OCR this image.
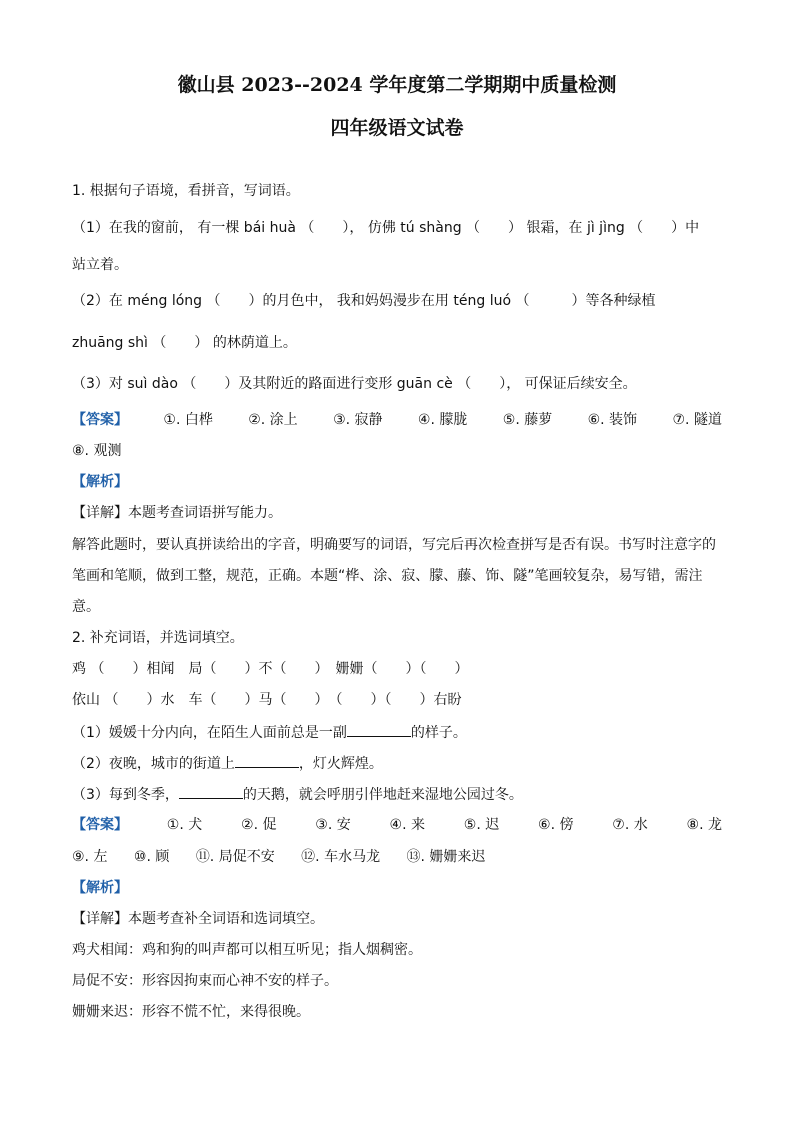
徽山县 2023--2024 学年度第二学期期中质量检测
四年级语文试卷
1. 根据句子语境，看拼音，写词语。
（1）在我的窗前， 有一棵 bái huà （　　）， 仿佛 tú shàng （　　） 银霜，在 jì jìng （　　）中
站立着。
（2）在 méng lóng （　　）的月色中， 我和妈妈漫步在用 téng luó （　　　）等各种绿植
zhuāng shì （　　） 的林荫道上。
（3）对 suì dào （　　）及其附近的路面进行变形 guān cè （　　）， 可保证后续安全。
【答案】	①. 白桦	②. 涂上	③. 寂静	④. 朦胧	⑤. 藤萝	⑥. 装饰	⑦. 隧道
⑧. 观测
【解析】
【详解】本题考查词语拼写能力。
解答此题时，要认真拼读给出的字音，明确要写的词语，写完后再次检查拼写是否有误。书写时注意字的
笔画和笔顺，做到工整，规范，正确。本题“桦、涂、寂、朦、藤、饰、隧”笔画较复杂，易写错，需注
意。
2. 补充词语，并选词填空。
鸡 （　　）相闻　局（　　）不（　　）　姗姗（　　）（　　）
依山 （　　）水　车（　　）马（　　）　（　　）（　　）右盼
（1）媛媛十分内向，在陌生人面前总是一副	的样子。
（2）夜晚，城市的街道上	，灯火辉煌。
（3）每到冬季，	的天鹅，就会呼朋引伴地赶来湿地公园过冬。
【答案】	①. 犬	②. 促	③. 安	④. 来	⑤. 迟	⑥. 傍	⑦. 水	⑧. 龙
⑨. 左 ⑩. 顾 ⑪. 局促不安 ⑫. 车水马龙 ⑬. 姗姗来迟
【解析】
【详解】本题考查补全词语和选词填空。
鸡犬相闻：鸡和狗的叫声都可以相互听见；指人烟稠密。
局促不安：形容因拘束而心神不安的样子。
姗姗来迟：形容不慌不忙，来得很晚。
